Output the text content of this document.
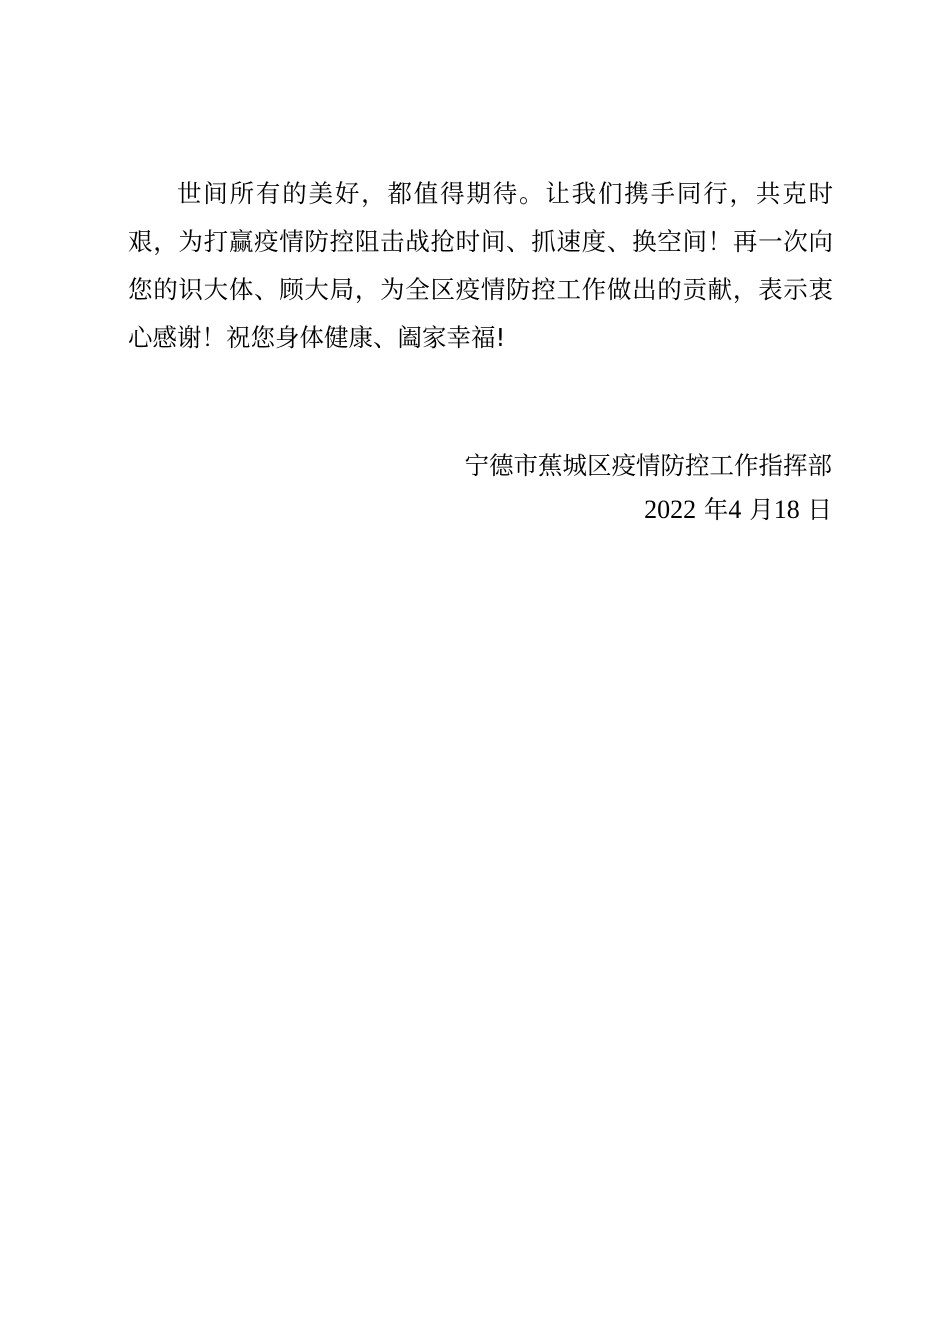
世间所有的美好，都值得期待。让我们携手同行，共克时艰，为打赢疫情防控阻击战抢时间、抓速度、换空间！再一次向您的识大体、顾大局，为全区疫情防控工作做出的贡献，表示衷心感谢！祝您身体健康、阖家幸福!

宁德市蕉城区疫情防控工作指挥部

2022 年4 月18 日
